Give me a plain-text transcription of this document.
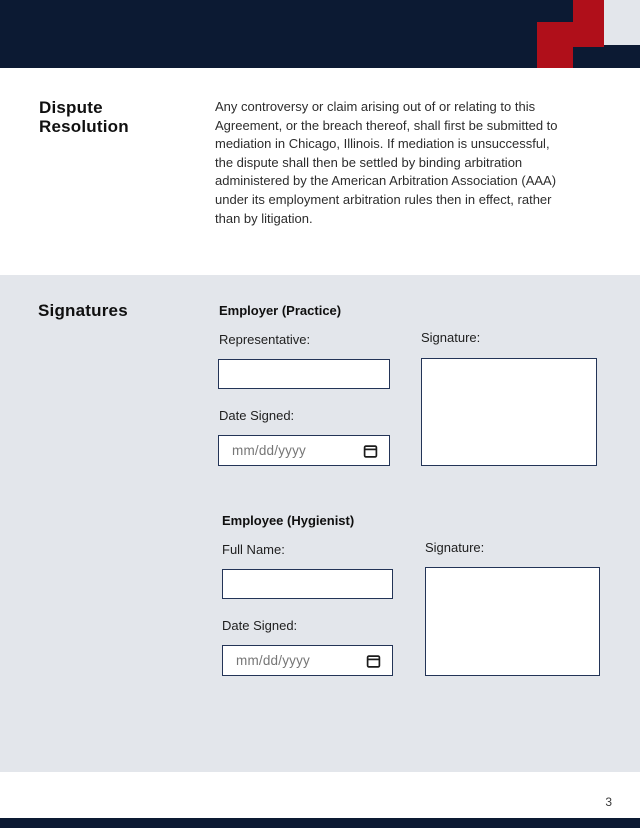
Dispute Resolution

Any controversy or claim arising out of or relating to this Agreement, or the breach thereof, shall first be submitted to mediation in Chicago, Illinois. If mediation is unsuccessful, the dispute shall then be settled by binding arbitration administered by the American Arbitration Association (AAA) under its employment arbitration rules then in effect, rather than by litigation.

Signatures	Employer (Practice)

Representative:

Date Signed:

mm/dd/yyyy

Signature:

Employee (Hygienist)

Full Name:

Date Signed:

mm/dd/yyyy

Signature:

3
